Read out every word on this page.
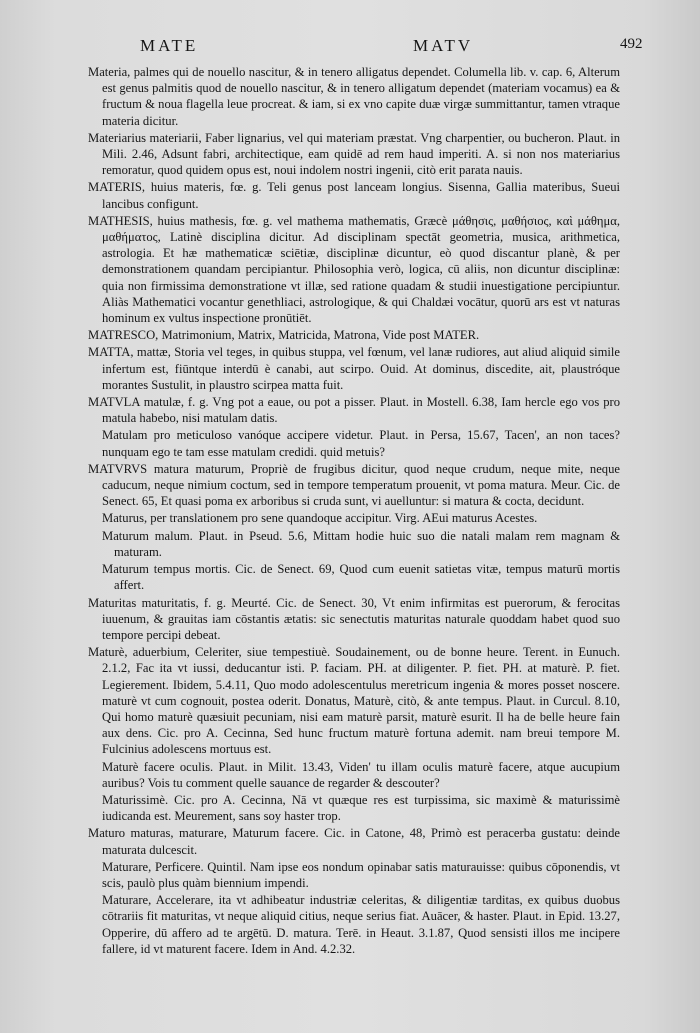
MATE	MATV	492

Materia, palmes qui de nouello nascitur, & in tenero alligatus dependet. Columella lib. v. cap. 6, Alterum est genus palmitis quod de nouello nascitur, & in tenero alligatum dependet (materiam vocamus) ea & fructum & noua flagella leue procreat. & iam, si ex vno capite duæ virgæ summittantur, tamen vtraque materia dicitur.

Materiarius materiarii, Faber lignarius, vel qui materiam præstat. Vng charpentier, ou bucheron. Plaut. in Mili. 2.46, Adsunt fabri, architectique, eam quidē ad rem haud imperiti. A. si non nos materiarius remoratur, quod quidem opus est, noui indolem nostri ingenii, citò erit parata nauis.

MATERIS, huius materis, fœ. g. Teli genus post lanceam longius. Sisenna, Gallia materibus, Sueui lancibus configunt.

MATHESIS, huius mathesis, fœ. g. vel mathema mathematis, Græcè μάθησις, μαθήσιος, καὶ μάθημα, μαθήματος, Latinè disciplina dicitur. Ad disciplinam spectāt geometria, musica, arithmetica, astrologia. Et hæ mathematicæ sciētiæ, disciplinæ dicuntur, eò quod discantur planè, & per demonstrationem quandam percipiantur. Philosophia verò, logica, cū aliis, non dicuntur disciplinæ: quia non firmissima demonstratione vt illæ, sed ratione quadam & studii inuestigatione percipiuntur. Aliàs Mathematici vocantur genethliaci, astrologique, & qui Chaldæi vocātur, quorū ars est vt naturas hominum ex vultus inspectione pronūtiēt.

MATRESCO, Matrimonium, Matrix, Matricida, Matrona, Vide post MATER.

MATTA, mattæ, Storia vel teges, in quibus stuppa, vel fœnum, vel lanæ rudiores, aut aliud aliquid simile infertum est, fiūntque interdū è canabi, aut scirpo. Ouid. At dominus, discedite, ait, plaustróque morantes Sustulit, in plaustro scirpea matta fuit.

MATVLA matulæ, f. g. Vng pot a eaue, ou pot a pisser. Plaut. in Mostell. 6.38, Iam hercle ego vos pro matula habebo, nisi matulam datis.

Matulam pro meticuloso vanóque accipere videtur. Plaut. in Persa, 15.67, Tacen', an non taces? nunquam ego te tam esse matulam credidi. quid metuis?

MATVRVS matura maturum, Propriè de frugibus dicitur, quod neque crudum, neque mite, neque caducum, neque nimium coctum, sed in tempore temperatum prouenit, vt poma matura. Meur. Cic. de Senect. 65, Et quasi poma ex arboribus si cruda sunt, vi auelluntur: si matura & cocta, decidunt.

Maturus, per translationem pro sene quandoque accipitur. Virg. AEui maturus Acestes.

Maturum malum. Plaut. in Pseud. 5.6, Mittam hodie huic suo die natali malam rem magnam & maturam.

Maturum tempus mortis. Cic. de Senect. 69, Quod cum euenit satietas vitæ, tempus maturū mortis affert.

Maturitas maturitatis, f. g. Meurté. Cic. de Senect. 30, Vt enim infirmitas est puerorum, & ferocitas iuuenum, & grauitas iam cōstantis ætatis: sic senectutis maturitas naturale quoddam habet quod suo tempore percipi debeat.

Maturè, aduerbium, Celeriter, siue tempestiuè. Soudainement, ou de bonne heure. Terent. in Eunuch. 2.1.2, Fac ita vt iussi, deducantur isti. P. faciam. PH. at diligenter. P. fiet. PH. at maturè. P. fiet. Legierement. Ibidem, 5.4.11, Quo modo adolescentulus meretricum ingenia & mores posset noscere. maturè vt cum cognouit, postea oderit. Donatus, Maturè, citò, & ante tempus. Plaut. in Curcul. 8.10, Qui homo maturè quæsiuit pecuniam, nisi eam maturè parsit, maturè esurit. Il ha de belle heure fain aux dens. Cic. pro A. Cecinna, Sed hunc fructum maturè fortuna ademit. nam breui tempore M. Fulcinius adolescens mortuus est.

Maturè facere oculis. Plaut. in Milit. 13.43, Viden' tu illam oculis maturè facere, atque aucupium auribus? Vois tu comment quelle sauance de regarder & descouter?

Maturissimè. Cic. pro A. Cecinna, Nā vt quæque res est turpissima, sic maximè & maturissimè iudicanda est. Meurement, sans soy haster trop.

Maturo maturas, maturare, Maturum facere. Cic. in Catone, 48, Primò est peracerba gustatu: deinde maturata dulcescit.

Maturare, Perficere. Quintil. Nam ipse eos nondum opinabar satis maturauisse: quibus cōponendis, vt scis, paulò plus quàm biennium impendi.

Maturare, Accelerare, ita vt adhibeatur industriæ celeritas, & diligentiæ tarditas, ex quibus duobus cōtrariis fit maturitas, vt neque aliquid citius, neque serius fiat. Auācer, & haster. Plaut. in Epid. 13.27, Opperire, dū affero ad te argētū. D. matura. Terē. in Heaut. 3.1.87, Quod sensisti illos me incipere fallere, id vt maturent facere. Idem in And. 4.2.32.
